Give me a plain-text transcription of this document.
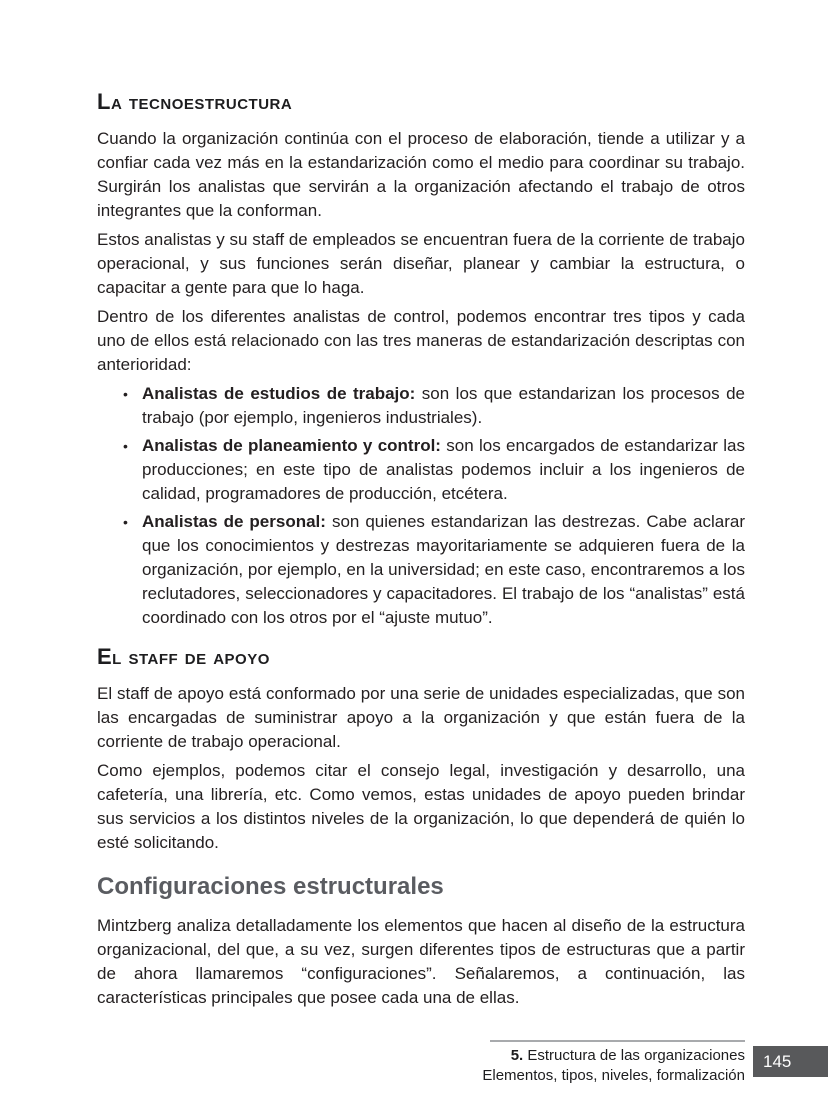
La tecnoestructura

Cuando la organización continúa con el proceso de elaboración, tiende a utilizar y a confiar cada vez más en la estandarización como el medio para coordinar su trabajo. Surgirán los analistas que servirán a la organización afectando el trabajo de otros integrantes que la conforman.

Estos analistas y su staff de empleados se encuentran fuera de la corriente de trabajo operacional, y sus funciones serán diseñar, planear y cambiar la estructura, o capacitar a gente para que lo haga.

Dentro de los diferentes analistas de control, podemos encontrar tres tipos y cada uno de ellos está relacionado con las tres maneras de estandarización descriptas con anterioridad:

• Analistas de estudios de trabajo: son los que estandarizan los procesos de trabajo (por ejemplo, ingenieros industriales).
• Analistas de planeamiento y control: son los encargados de estandarizar las producciones; en este tipo de analistas podemos incluir a los ingenieros de calidad, programadores de producción, etcétera.
• Analistas de personal: son quienes estandarizan las destrezas. Cabe aclarar que los conocimientos y destrezas mayoritariamente se adquieren fuera de la organización, por ejemplo, en la universidad; en este caso, encontraremos a los reclutadores, seleccionadores y capacitadores. El trabajo de los “analistas” está coordinado con los otros por el “ajuste mutuo”.
El staff de apoyo

El staff de apoyo está conformado por una serie de unidades especializadas, que son las encargadas de suministrar apoyo a la organización y que están fuera de la corriente de trabajo operacional.

Como ejemplos, podemos citar el consejo legal, investigación y desarrollo, una cafetería, una librería, etc. Como vemos, estas unidades de apoyo pueden brindar sus servicios a los distintos niveles de la organización, lo que dependerá de quién lo esté solicitando.

Configuraciones estructurales

Mintzberg analiza detalladamente los elementos que hacen al diseño de la estructura organizacional, del que, a su vez, surgen diferentes tipos de estructuras que a partir de ahora llamaremos “configuraciones”. Señalaremos, a continuación, las características principales que posee cada una de ellas.

5. Estructura de las organizaciones
Elementos, tipos, niveles, formalización
145
